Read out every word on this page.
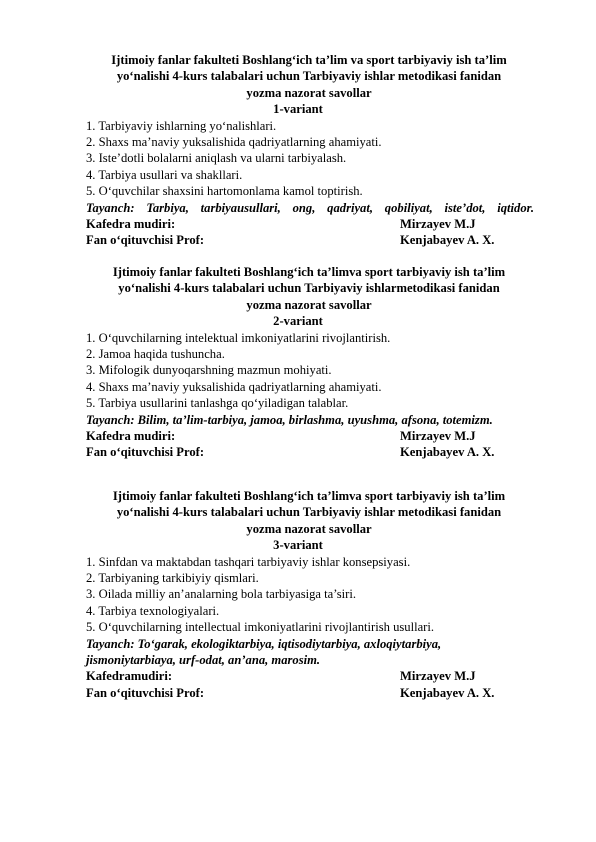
Ijtimoiy fanlar fakulteti Boshlang‘ich ta’lim va sport tarbiyaviy ish ta’lim

yo‘nalishi 4-kurs talabalari uchun Tarbiyaviy ishlar metodikasi fanidan

yozma nazorat savollar

1-variant

1. Tarbiyaviy ishlarning yo‘nalishlari.

2. Shaxs ma’naviy yuksalishida qadriyatlarning ahamiyati.

3. Iste’dotli bolalarni aniqlash va ularni tarbiyalash.

4. Tarbiya usullari va shakllari.

5. O‘quvchilar shaxsini hartomonlama kamol toptirish.

Tayanch: Tarbiya, tarbiyausullari, ong, qadriyat, qobiliyat, iste’dot, iqtidor.

Kafedra mudiri:	Mirzayev M.J
Fan o‘qituvchisi Prof:	Kenjabayev A. X.

Ijtimoiy fanlar fakulteti Boshlang‘ich ta’limva sport tarbiyaviy ish ta’lim

yo‘nalishi 4-kurs talabalari uchun Tarbiyaviy ishlarmetodikasi fanidan

yozma nazorat savollar

2-variant

1. O‘quvchilarning intelektual imkoniyatlarini rivojlantirish.

2. Jamoa haqida tushuncha.

3. Mifologik dunyoqarshning mazmun mohiyati.

4. Shaxs ma’naviy yuksalishida qadriyatlarning ahamiyati.

5. Tarbiya usullarini tanlashga qo‘yiladigan talablar.

Tayanch: Bilim, ta’lim-tarbiya, jamoa, birlashma, uyushma, afsona, totemizm.

Kafedra mudiri:	Mirzayev M.J
Fan o‘qituvchisi Prof:	Kenjabayev A. X.

Ijtimoiy fanlar fakulteti Boshlang‘ich ta’limva sport tarbiyaviy ish ta’lim

yo‘nalishi 4-kurs talabalari uchun Tarbiyaviy ishlar metodikasi fanidan

yozma nazorat savollar

3-variant

1. Sinfdan va maktabdan tashqari tarbiyaviy ishlar konsepsiyasi.

2. Tarbiyaning tarkibiyiy qismlari.

3. Oilada milliy an’analarning bola tarbiyasiga ta’siri.

4. Tarbiya texnologiyalari.

5. O‘quvchilarning intellectual imkoniyatlarini rivojlantirish usullari.

Tayanch: To‘garak, ekologiktarbiya, iqtisodiytarbiya, axloqiytarbiya,

jismoniytarbiaya, urf-odat, an’ana, marosim.

Kafedramudiri:	Mirzayev M.J
Fan o‘qituvchisi Prof:	Kenjabayev A. X.
